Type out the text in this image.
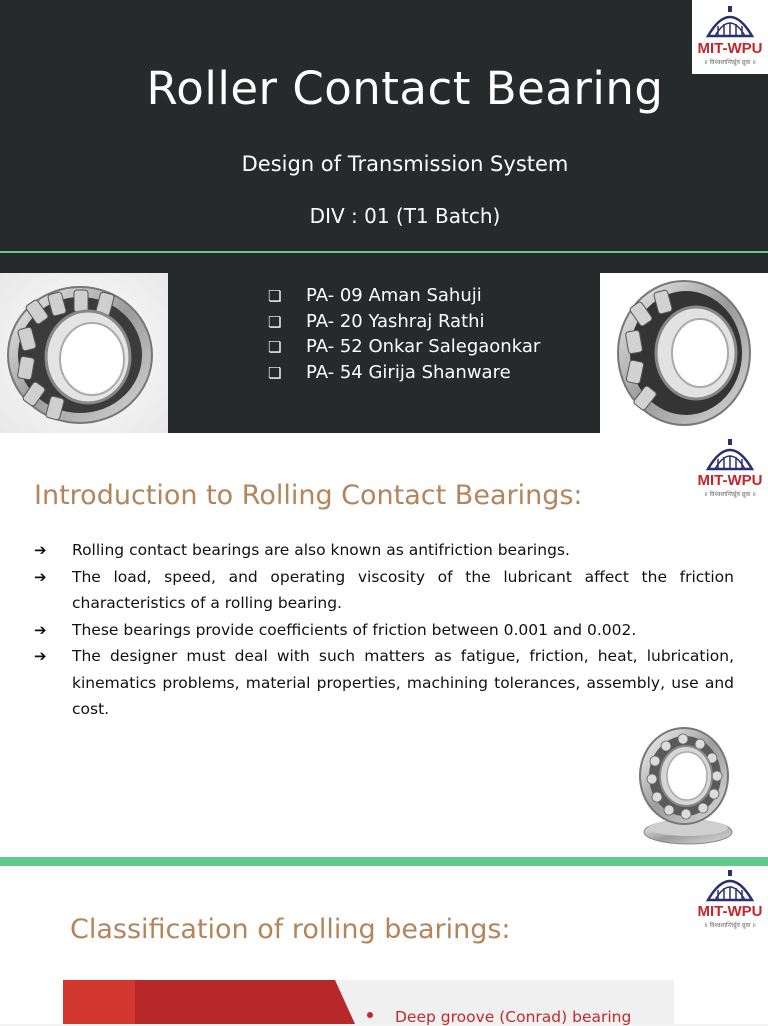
Roller Contact Bearing
Design of Transmission System
DIV : 01 (T1 Batch)
❏ PA- 09 Aman Sahuji
❏ PA- 20 Yashraj Rathi
❏ PA- 52 Onkar Salegaonkar
❏ PA- 54 Girija Shanware
MIT-WPU
॥ विश्वशान्तिर्ध्रुवं ध्रुवा ॥
MIT-WPU
॥ विश्वशान्तिर्ध्रुवं ध्रुवा ॥
Introduction to Rolling Contact Bearings:
➔ Rolling contact bearings are also known as antifriction bearings.
➔ The load, speed, and operating viscosity of the lubricant affect the friction characteristics of a rolling bearing.
➔ These bearings provide coefficients of friction between 0.001 and 0.002.
➔ The designer must deal with such matters as fatigue, friction, heat, lubrication, kinematics problems, material properties, machining tolerances, assembly, use and cost.
MIT-WPU
॥ विश्वशान्तिर्ध्रुवं ध्रुवा ॥
Classification of rolling bearings:
Deep groove (Conrad) bearing
